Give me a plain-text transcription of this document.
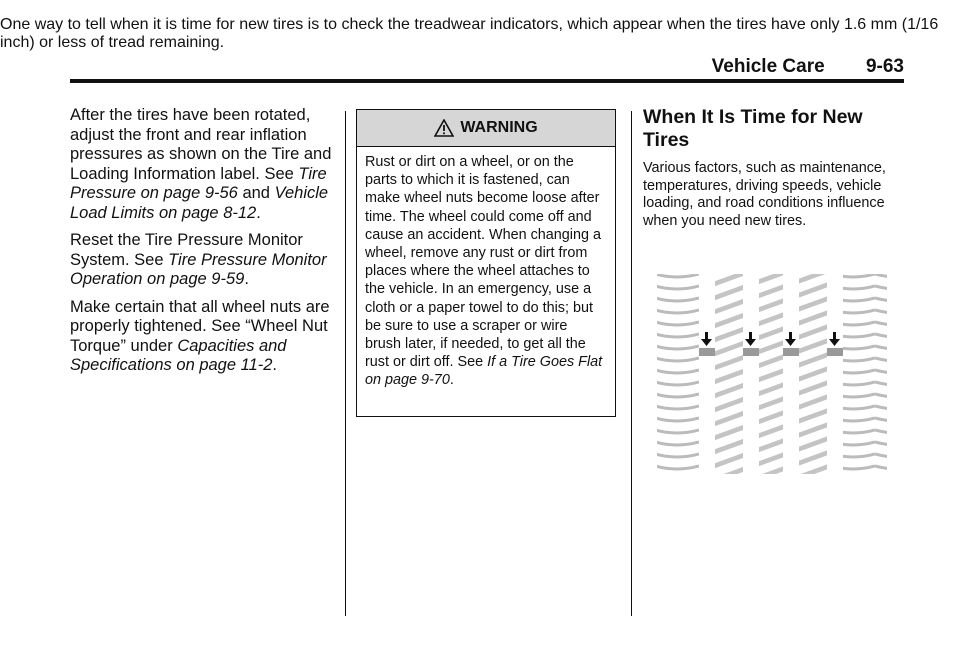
Vehicle Care 9-63

After the tires have been rotated, adjust the front and rear inflation pressures as shown on the Tire and Loading Information label. See Tire Pressure on page 9-56 and Vehicle Load Limits on page 8-12.

Reset the Tire Pressure Monitor System. See Tire Pressure Monitor Operation on page 9-59.

Make certain that all wheel nuts are properly tightened. See “Wheel Nut Torque” under Capacities and Specifications on page 11-2.

WARNING
Rust or dirt on a wheel, or on the parts to which it is fastened, can make wheel nuts become loose after time. The wheel could come off and cause an accident. When changing a wheel, remove any rust or dirt from places where the wheel attaches to the vehicle. In an emergency, use a cloth or a paper towel to do this; but be sure to use a scraper or wire brush later, if needed, to get all the rust or dirt off. See If a Tire Goes Flat on page 9-70.
When It Is Time for New Tires

Various factors, such as maintenance, temperatures, driving speeds, vehicle loading, and road conditions influence when you need new tires.

One way to tell when it is time for new tires is to check the treadwear indicators, which appear when the tires have only 1.6 mm (1/16 inch) or less of tread remaining.
